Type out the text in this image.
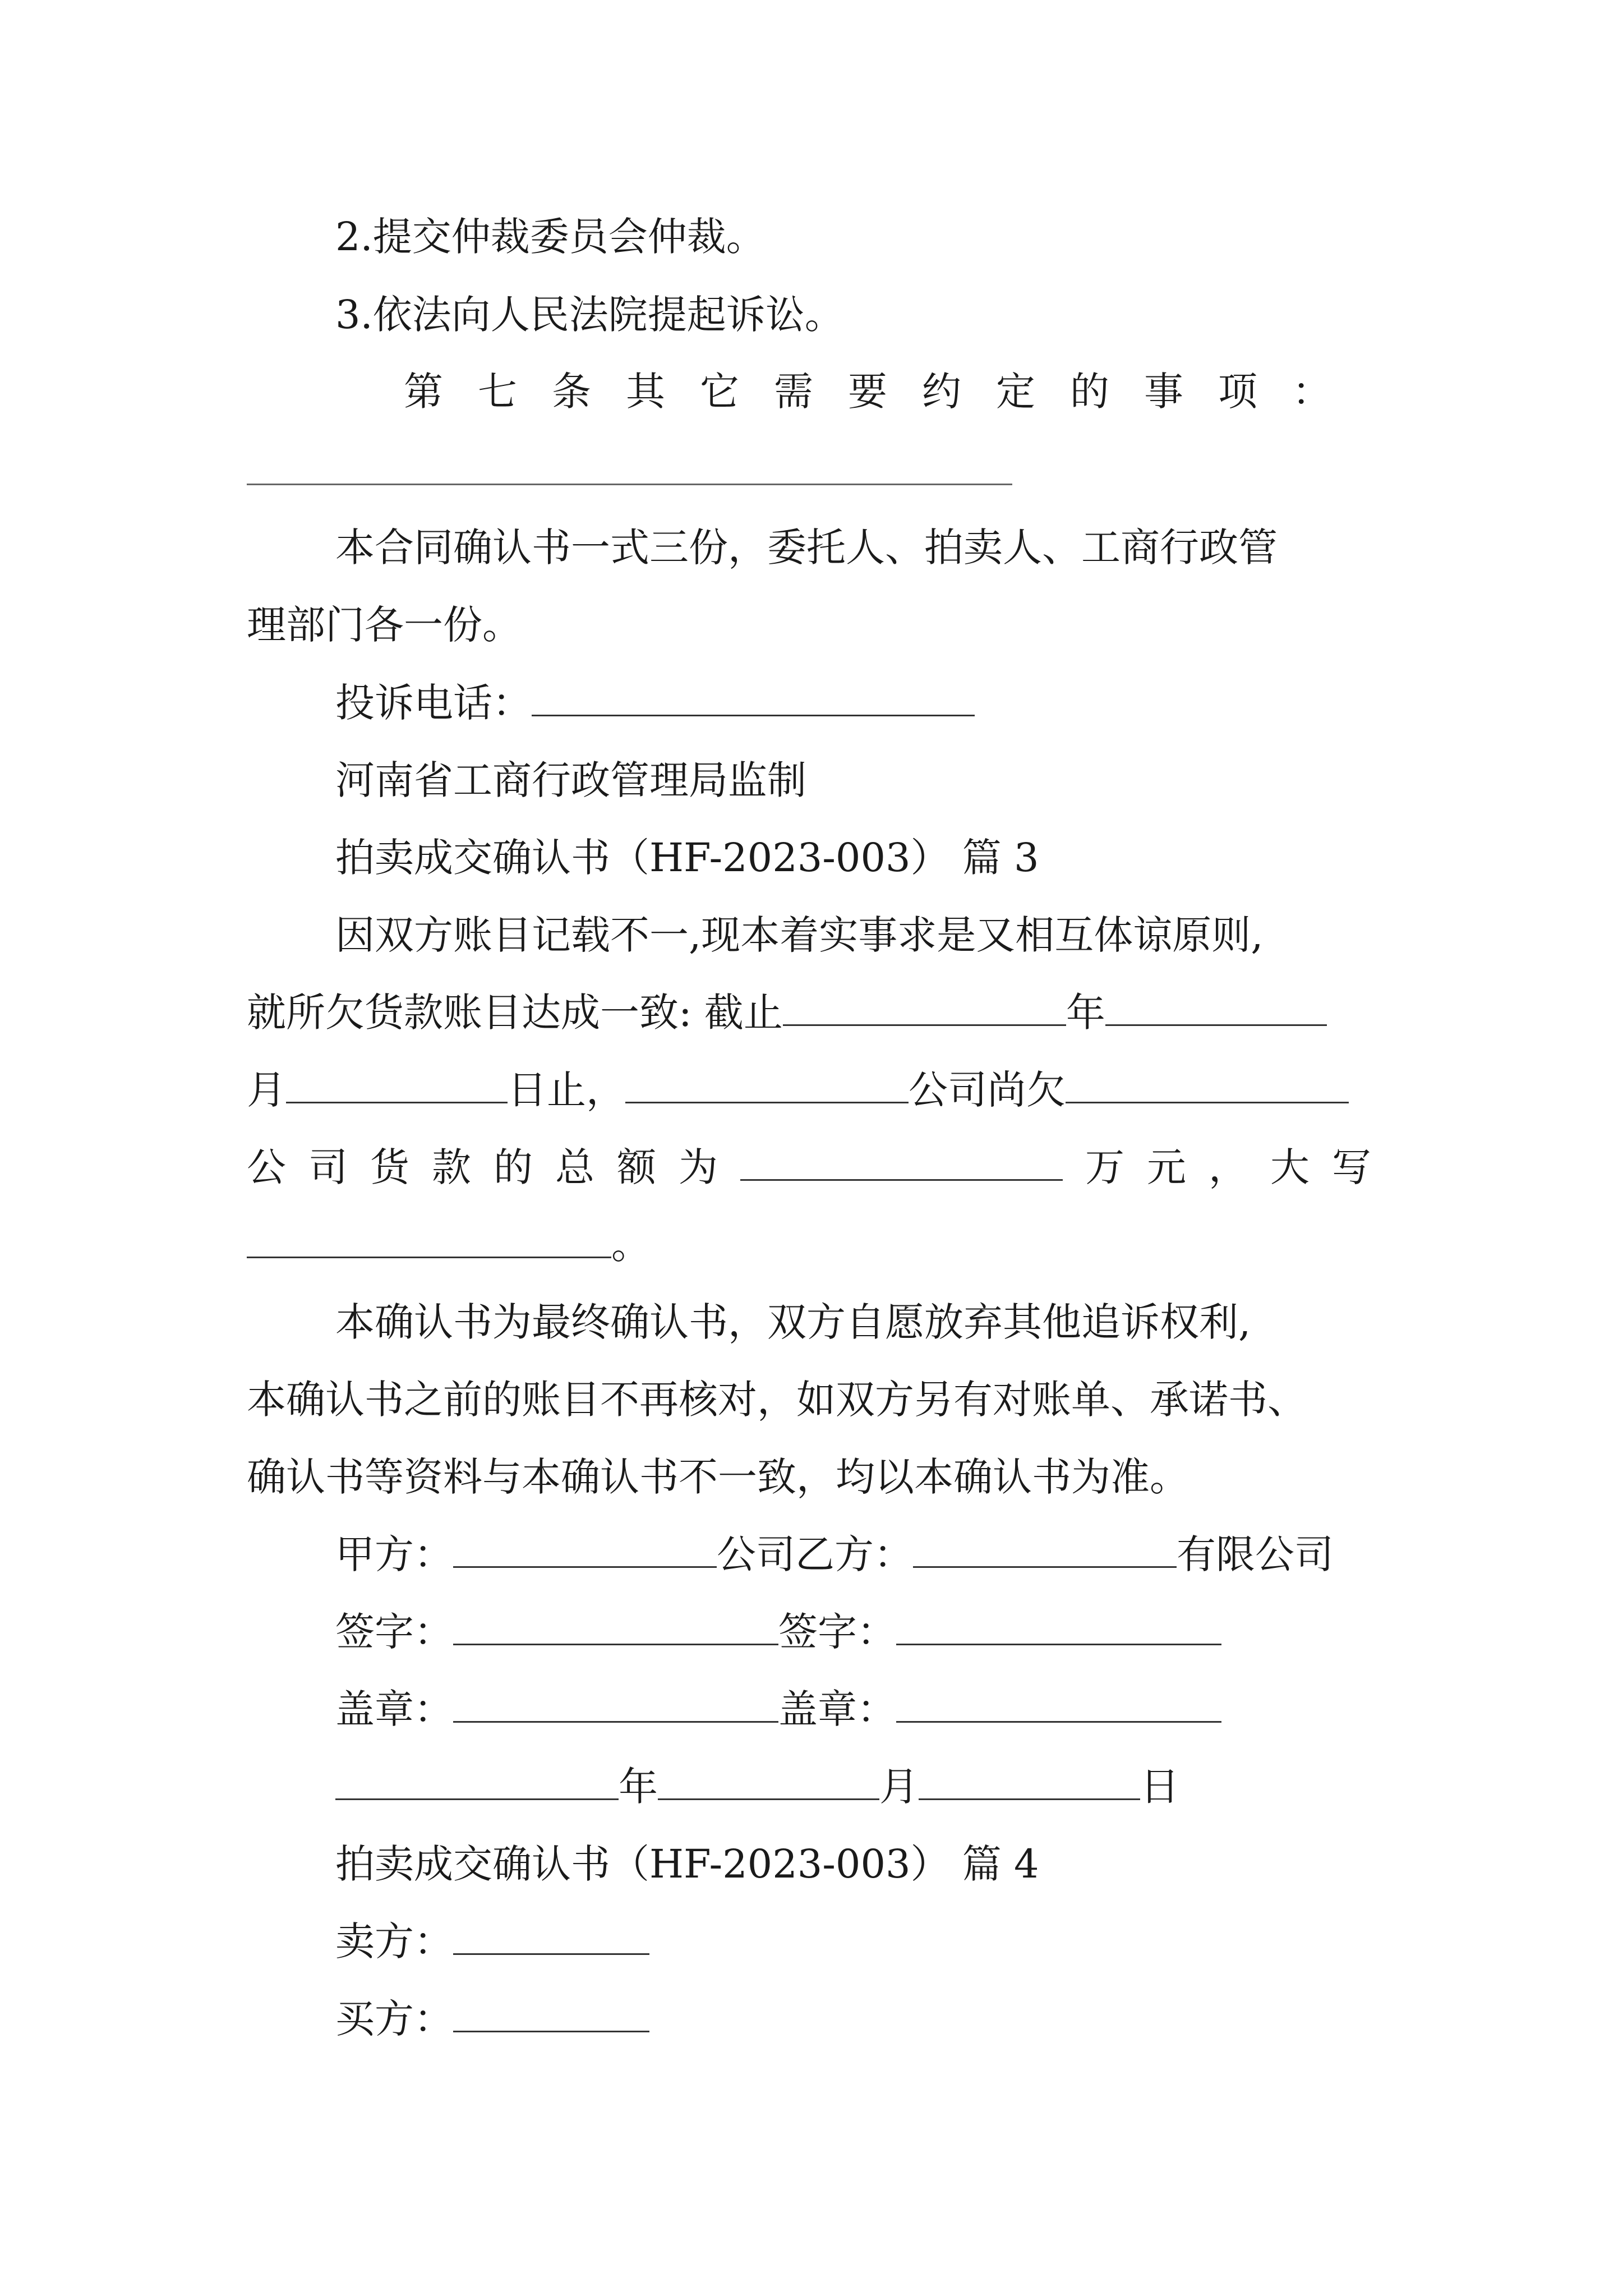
2.提交仲裁委员会仲裁。
3.依法向人民法院提起诉讼。
第七条其它需要约定的事项：
本合同确认书一式三份，委托人、拍卖人、工商行政管
理部门各一份。
投诉电话：
河南省工商行政管理局监制
拍卖成交确认书（HF-2023-003） 篇 3
因双方账目记载不一,现本着实事求是又相互体谅原则,
就所欠货款账目达成一致: 截止	年
月	日止，	公司尚欠
公司货款的总额为	万元，大写
。
本确认书为最终确认书，双方自愿放弃其他追诉权利,
本确认书之前的账目不再核对，如双方另有对账单、承诺书、
确认书等资料与本确认书不一致，均以本确认书为准。
甲方：	公司乙方：	有限公司
签字：	签字：
盖章：	盖章：
年	月	日
拍卖成交确认书（HF-2023-003） 篇 4
卖方：
买方：
